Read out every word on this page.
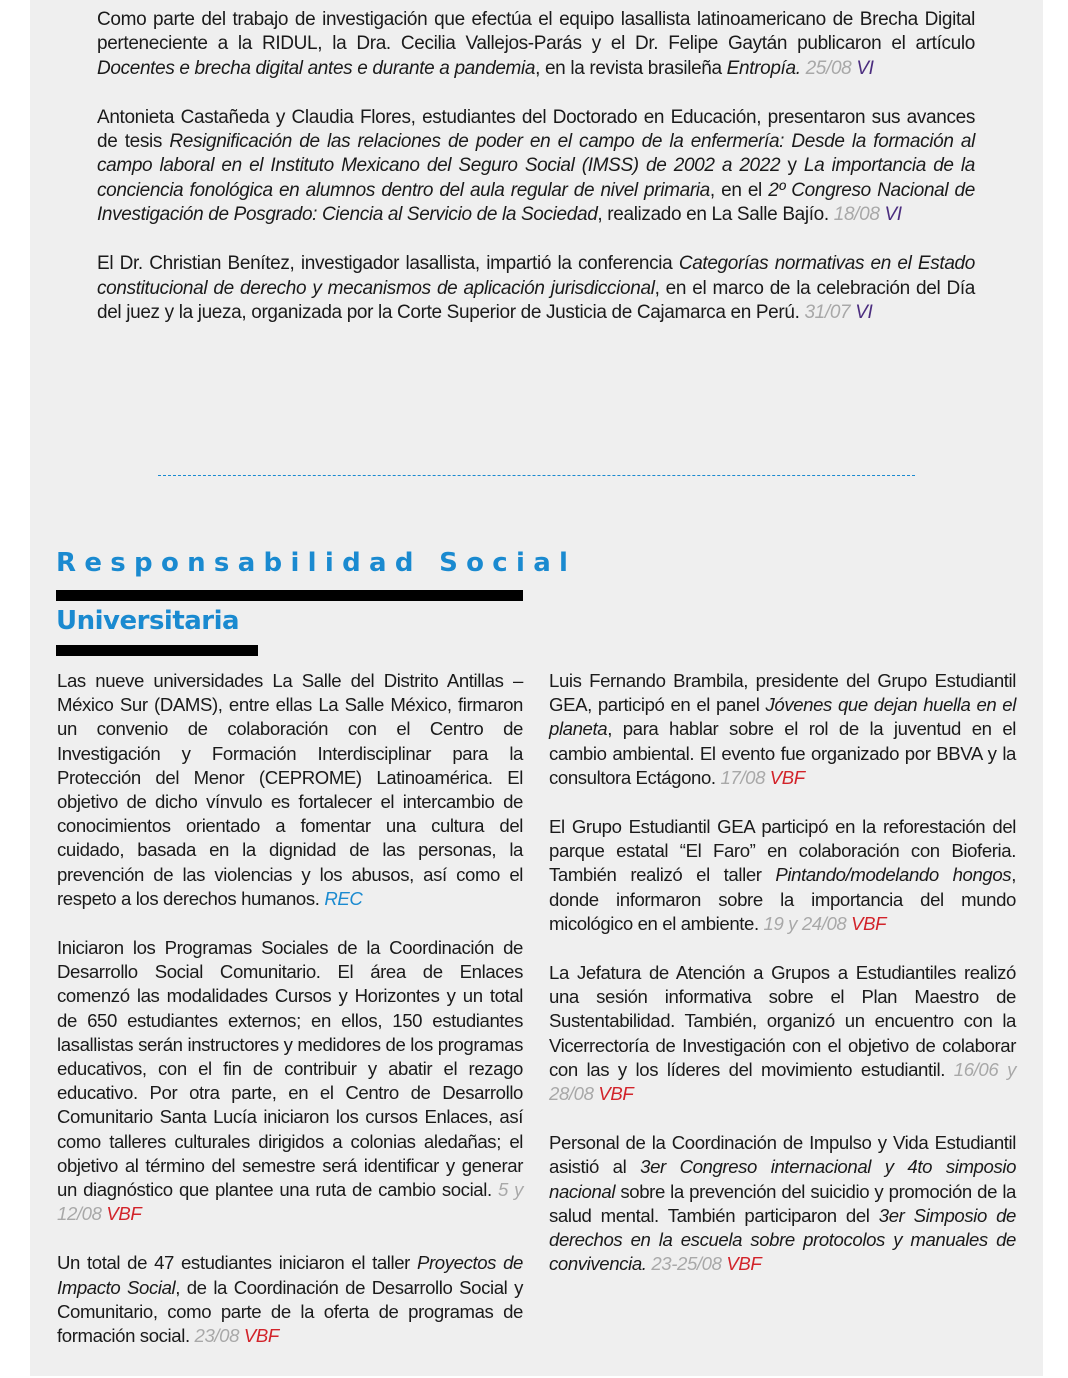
Como parte del trabajo de investigación que efectúa el equipo lasallista latinoamericano de Brecha Digital perteneciente a la RIDUL, la Dra. Cecilia Vallejos-Parás y el Dr. Felipe Gaytán publicaron el artículo Docentes e brecha digital antes e durante a pandemia, en la revista brasileña Entropía. 25/08 VI

Antonieta Castañeda y Claudia Flores, estudiantes del Doctorado en Educación, presentaron sus avances de tesis Resignificación de las relaciones de poder en el campo de la enfermería: Desde la formación al campo laboral en el Instituto Mexicano del Seguro Social (IMSS) de 2002 a 2022 y La importancia de la conciencia fonológica en alumnos dentro del aula regular de nivel primaria, en el 2º Congreso Nacional de Investigación de Posgrado: Ciencia al Servicio de la Sociedad, realizado en La Salle Bajío. 18/08 VI

El Dr. Christian Benítez, investigador lasallista, impartió la conferencia Categorías normativas en el Estado constitucional de derecho y mecanismos de aplicación jurisdiccional, en el marco de la celebración del Día del juez y la jueza, organizada por la Corte Superior de Justicia de Cajamarca en Perú. 31/07 VI

Responsabilidad Social
Universitaria

Las nueve universidades La Salle del Distrito Antillas – México Sur (DAMS), entre ellas La Salle México, firmaron un convenio de colaboración con el Centro de Investigación y Formación Interdisciplinar para la Protección del Menor (CEPROME) Latinoamérica. El objetivo de dicho vínvulo es fortalecer el intercambio de conocimientos orientado a fomentar una cultura del cuidado, basada en la dignidad de las personas, la prevención de las violencias y los abusos, así como el respeto a los derechos humanos. REC

Iniciaron los Programas Sociales de la Coordinación de Desarrollo Social Comunitario. El área de Enlaces comenzó las modalidades Cursos y Horizontes y un total de 650 estudiantes externos; en ellos, 150 estudiantes lasallistas serán instructores y medidores de los programas educativos, con el fin de contribuir y abatir el rezago educativo. Por otra parte, en el Centro de Desarrollo Comunitario Santa Lucía iniciaron los cursos Enlaces, así como talleres culturales dirigidos a colonias aledañas; el objetivo al término del semestre será identificar y generar un diagnóstico que plantee una ruta de cambio social. 5 y 12/08 VBF

Un total de 47 estudiantes iniciaron el taller Proyectos de Impacto Social, de la Coordinación de Desarrollo Social y Comunitario, como parte de la oferta de programas de formación social. 23/08 VBF

Luis Fernando Brambila, presidente del Grupo Estudiantil GEA, participó en el panel Jóvenes que dejan huella en el planeta, para hablar sobre el rol de la juventud en el cambio ambiental. El evento fue organizado por BBVA y la consultora Ectágono. 17/08 VBF

El Grupo Estudiantil GEA participó en la reforestación del parque estatal “El Faro” en colaboración con Bioferia. También realizó el taller Pintando/modelando hongos, donde informaron sobre la importancia del mundo micológico en el ambiente. 19 y 24/08 VBF

La Jefatura de Atención a Grupos a Estudiantiles realizó una sesión informativa sobre el Plan Maestro de Sustentabilidad. También, organizó un encuentro con la Vicerrectoría de Investigación con el objetivo de colaborar con las y los líderes del movimiento estudiantil. 16/06 y 28/08 VBF

Personal de la Coordinación de Impulso y Vida Estudiantil asistió al 3er Congreso internacional y 4to simposio nacional sobre la prevención del suicidio y promoción de la salud mental. También participaron del 3er Simposio de derechos en la escuela sobre protocolos y manuales de convivencia. 23-25/08 VBF
